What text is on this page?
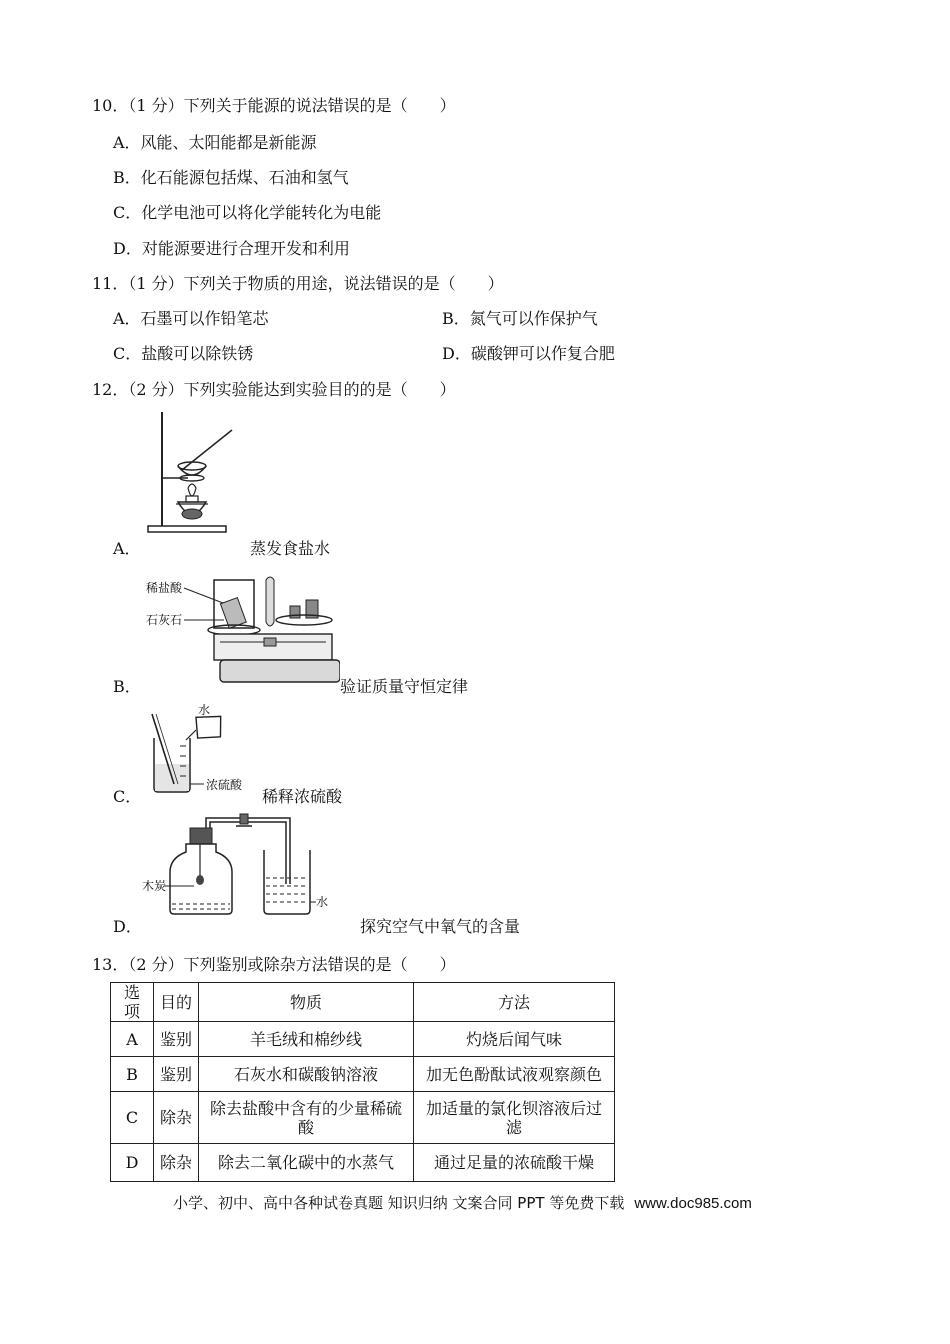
10．（1 分）下列关于能源的说法错误的是（　　）
A．风能、太阳能都是新能源
B．化石能源包括煤、石油和氢气
C．化学电池可以将化学能转化为电能
D．对能源要进行合理开发和利用
11．（1 分）下列关于物质的用途，说法错误的是（　　）
A．石墨可以作铅笔芯	B．氮气可以作保护气
C．盐酸可以除铁锈	D．碳酸钾可以作复合肥
12．（2 分）下列实验能达到实验目的的是（　　）
A．	蒸发食盐水
稀盐酸
石灰石
B．	验证质量守恒定律
水
浓硫酸
C．	稀释浓硫酸
木炭
水
D．	探究空气中氧气的含量
13．（2 分）下列鉴别或除杂方法错误的是（　　）
选项	目的	物质	方法
A	鉴别	羊毛绒和棉纱线	灼烧后闻气味
B	鉴别	石灰水和碳酸钠溶液	加无色酚酞试液观察颜色
C	除杂	除去盐酸中含有的少量稀硫酸	加适量的氯化钡溶液后过滤
D	除杂	除去二氧化碳中的水蒸气	通过足量的浓硫酸干燥
小学、初中、高中各种试卷真题 知识归纳 文案合同 PPT 等免费下载 www.doc985.com
